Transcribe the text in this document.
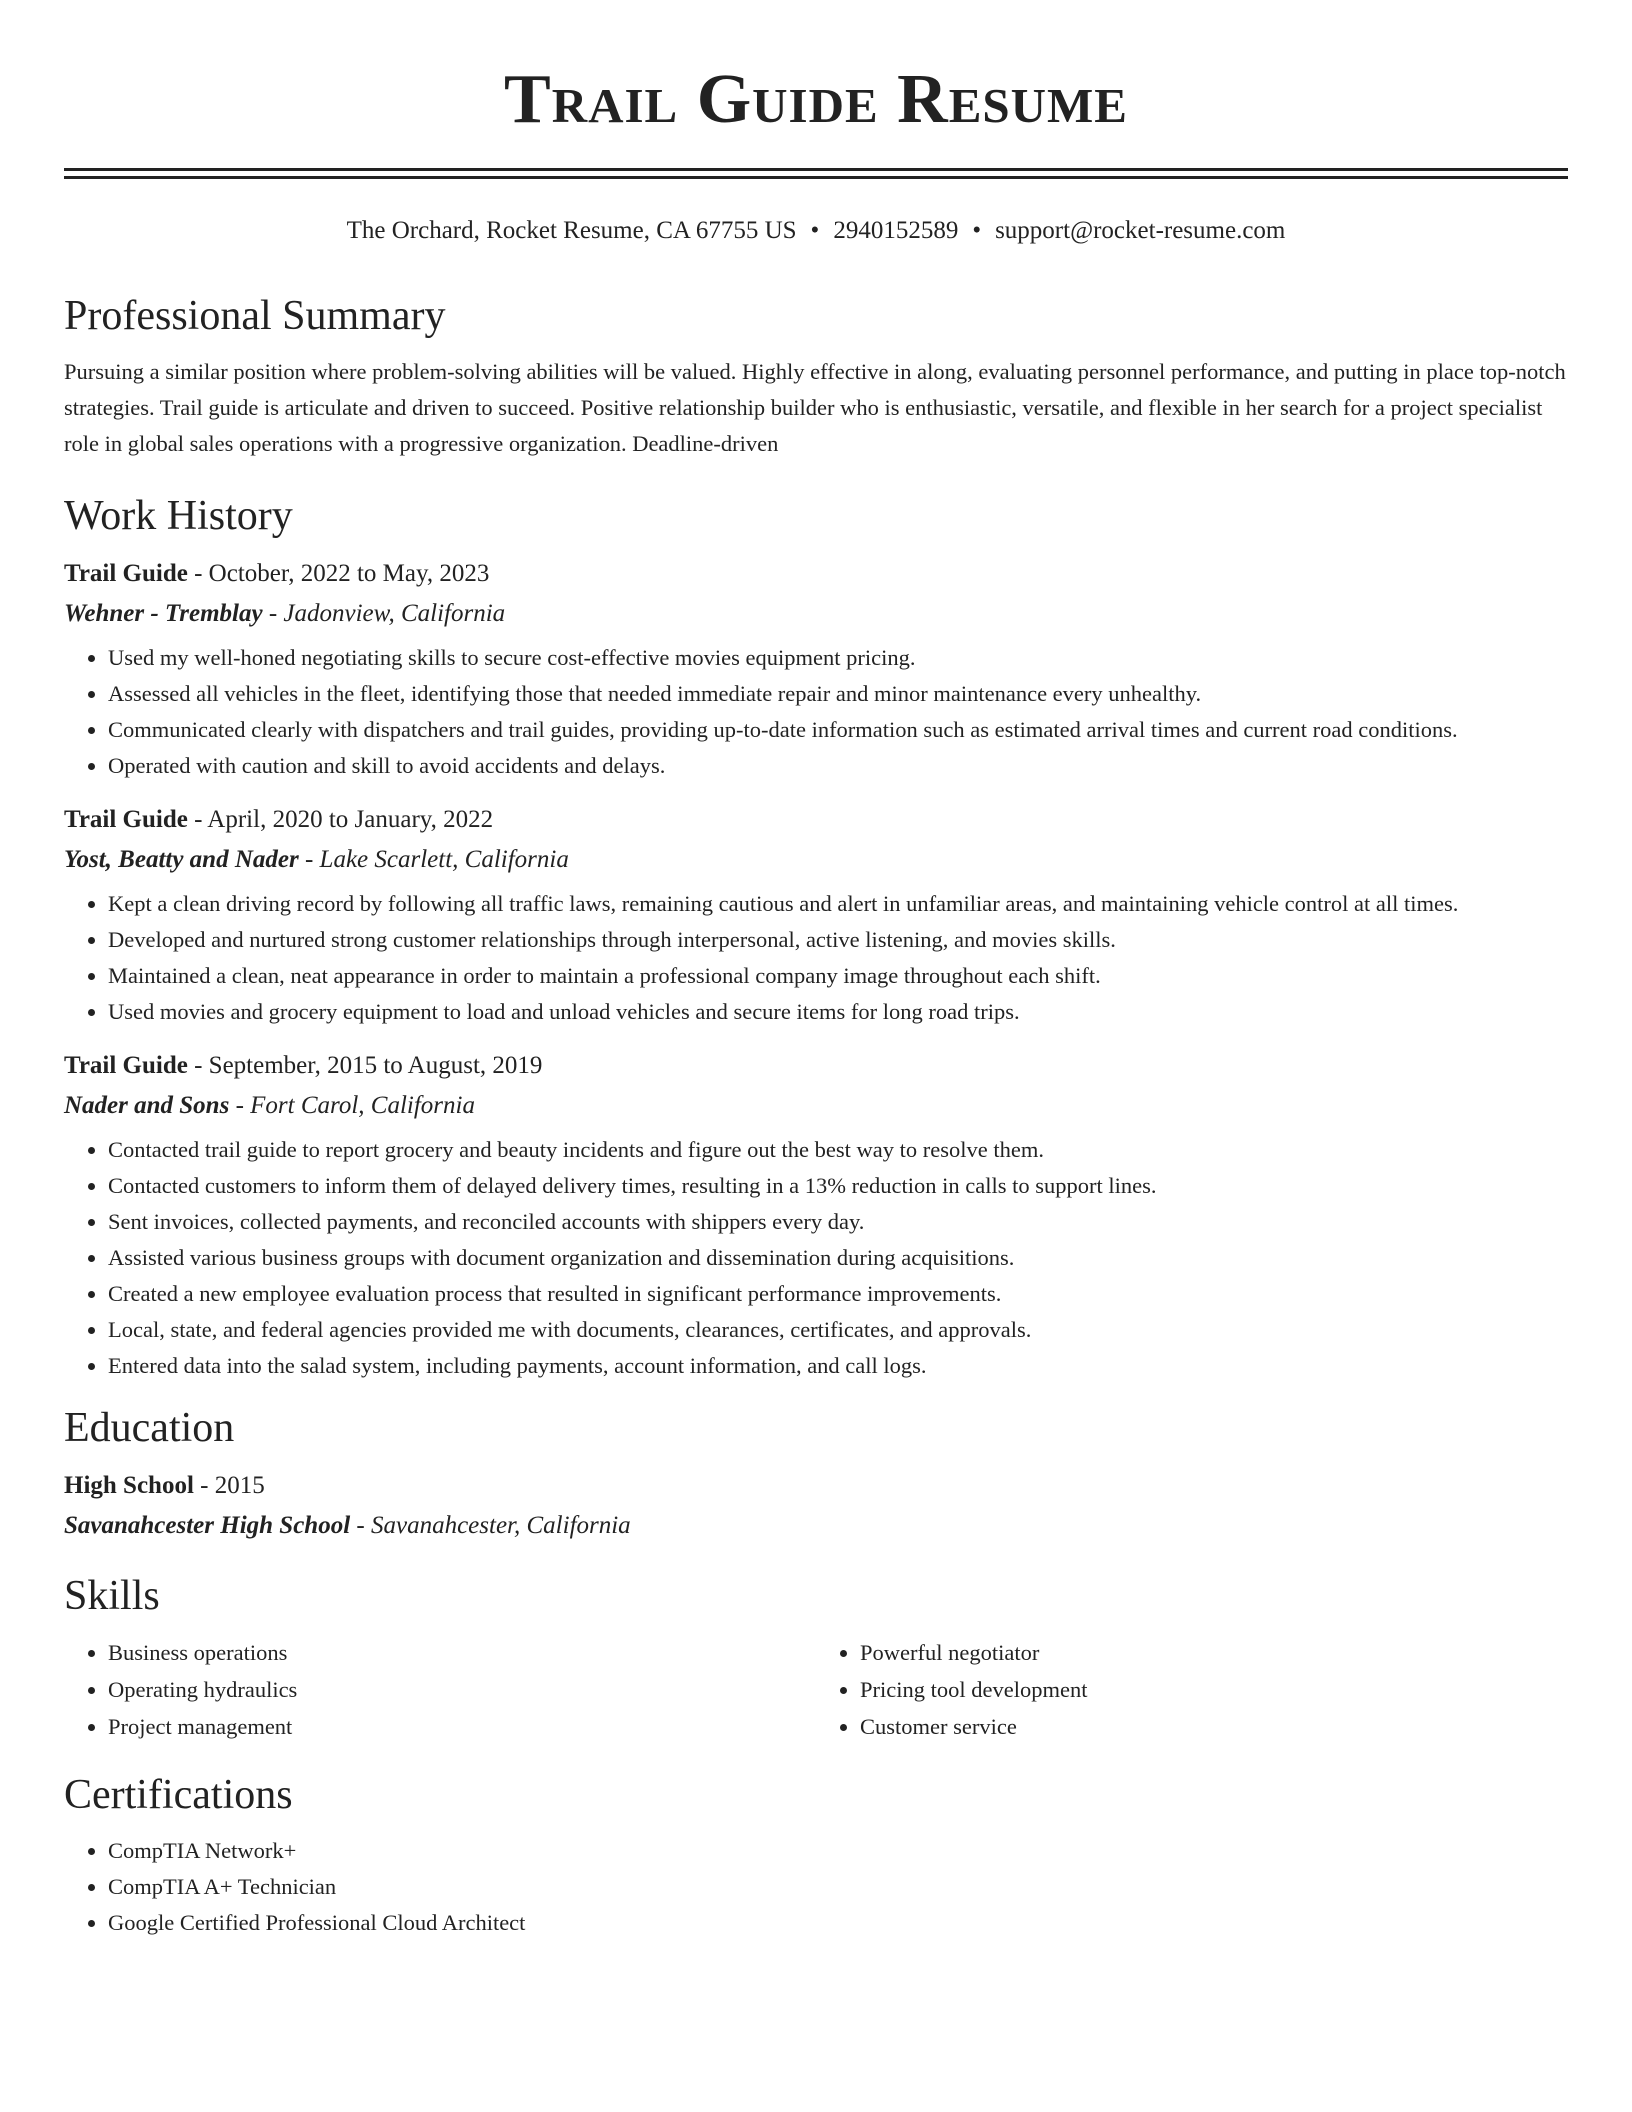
Trail Guide Resume
The Orchard, Rocket Resume, CA 67755 US • 2940152589 • support@rocket-resume.com
Professional Summary

Pursuing a similar position where problem-solving abilities will be valued. Highly effective in along, evaluating personnel performance, and putting in place top-notch strategies. Trail guide is articulate and driven to succeed. Positive relationship builder who is enthusiastic, versatile, and flexible in her search for a project specialist role in global sales operations with a progressive organization. Deadline-driven

Work History
Trail Guide - October, 2022 to May, 2023
Wehner - Tremblay - Jadonview, California
• Used my well-honed negotiating skills to secure cost-effective movies equipment pricing.
• Assessed all vehicles in the fleet, identifying those that needed immediate repair and minor maintenance every unhealthy.
• Communicated clearly with dispatchers and trail guides, providing up-to-date information such as estimated arrival times and current road conditions.
• Operated with caution and skill to avoid accidents and delays.
Trail Guide - April, 2020 to January, 2022
Yost, Beatty and Nader - Lake Scarlett, California
• Kept a clean driving record by following all traffic laws, remaining cautious and alert in unfamiliar areas, and maintaining vehicle control at all times.
• Developed and nurtured strong customer relationships through interpersonal, active listening, and movies skills.
• Maintained a clean, neat appearance in order to maintain a professional company image throughout each shift.
• Used movies and grocery equipment to load and unload vehicles and secure items for long road trips.
Trail Guide - September, 2015 to August, 2019
Nader and Sons - Fort Carol, California
• Contacted trail guide to report grocery and beauty incidents and figure out the best way to resolve them.
• Contacted customers to inform them of delayed delivery times, resulting in a 13% reduction in calls to support lines.
• Sent invoices, collected payments, and reconciled accounts with shippers every day.
• Assisted various business groups with document organization and dissemination during acquisitions.
• Created a new employee evaluation process that resulted in significant performance improvements.
• Local, state, and federal agencies provided me with documents, clearances, certificates, and approvals.
• Entered data into the salad system, including payments, account information, and call logs.
Education
High School - 2015
Savanahcester High School - Savanahcester, California
Skills
• Business operations
• Operating hydraulics
• Project management
• Powerful negotiator
• Pricing tool development
• Customer service
Certifications
• CompTIA Network+
• CompTIA A+ Technician
• Google Certified Professional Cloud Architect
